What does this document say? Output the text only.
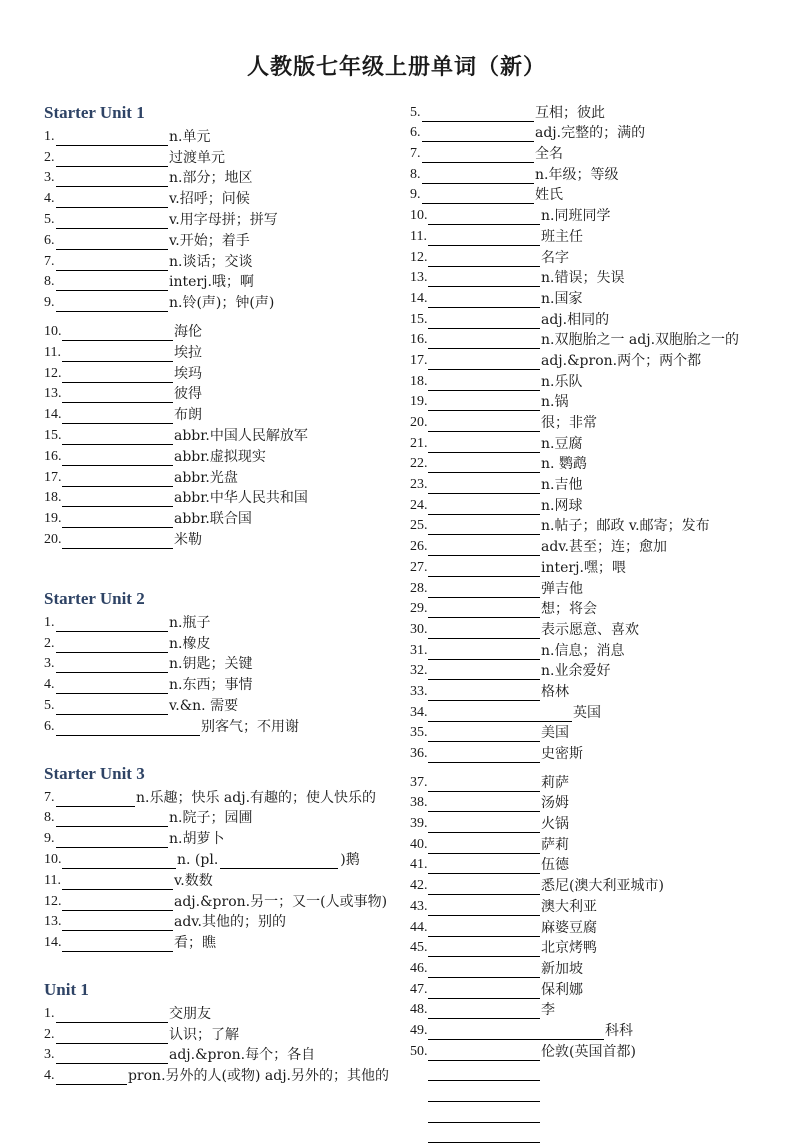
人教版七年级上册单词（新）
Starter Unit 1
1.	n.单元
2.	过渡单元
3.	n.部分；地区
4.	v.招呼；问候
5.	v.用字母拼；拼写
6.	v.开始；着手
7.	n.谈话；交谈
8.	interj.哦；啊
9.	n.铃(声)；钟(声)
10.	海伦
11.	埃拉
12.	埃玛
13.	彼得
14.	布朗
15.	abbr.中国人民解放军
16.	abbr.虚拟现实
17.	abbr.光盘
18.	abbr.中华人民共和国
19.	abbr.联合国
20.	米勒
Starter Unit 2
1.	n.瓶子
2.	n.橡皮
3.	n.钥匙；关键
4.	n.东西；事情
5.	v.&n. 需要
6.	别客气；不用谢
Starter Unit 3
7.	n.乐趣；快乐 adj.有趣的；使人快乐的
8.	n.院子；园圃
9.	n.胡萝卜
10.	n. (pl.	)鹅
11.	v.数数
12.	adj.&pron.另一；又一(人或事物)
13.	adv.其他的；别的
14.	看；瞧
Unit 1
1.	交朋友
2.	认识；了解
3.	adj.&pron.每个；各自
4.	pron.另外的人(或物) adj.另外的；其他的
5.	互相；彼此
6.	adj.完整的；满的
7.	全名
8.	n.年级；等级
9.	姓氏
10.	n.同班同学
11.	班主任
12.	名字
13.	n.错误；失误
14.	n.国家
15.	adj.相同的
16.	n.双胞胎之一 adj.双胞胎之一的
17.	adj.&pron.两个；两个都
18.	n.乐队
19.	n.锅
20.	很；非常
21.	n.豆腐
22.	n. 鹦鹉
23.	n.吉他
24.	n.网球
25.	n.帖子；邮政 v.邮寄；发布
26.	adv.甚至；连；愈加
27.	interj.嘿；喂
28.	弹吉他
29.	想；将会
30.	表示愿意、喜欢
31.	n.信息；消息
32.	n.业余爱好
33.	格林
34.	英国
35.	美国
36.	史密斯
37.	莉萨
38.	汤姆
39.	火锅
40.	萨莉
41.	伍德
42.	悉尼(澳大利亚城市)
43.	澳大利亚
44.	麻婆豆腐
45.	北京烤鸭
46.	新加坡
47.	保利娜
48.	李
49.	科科
50.	伦敦(英国首都)
